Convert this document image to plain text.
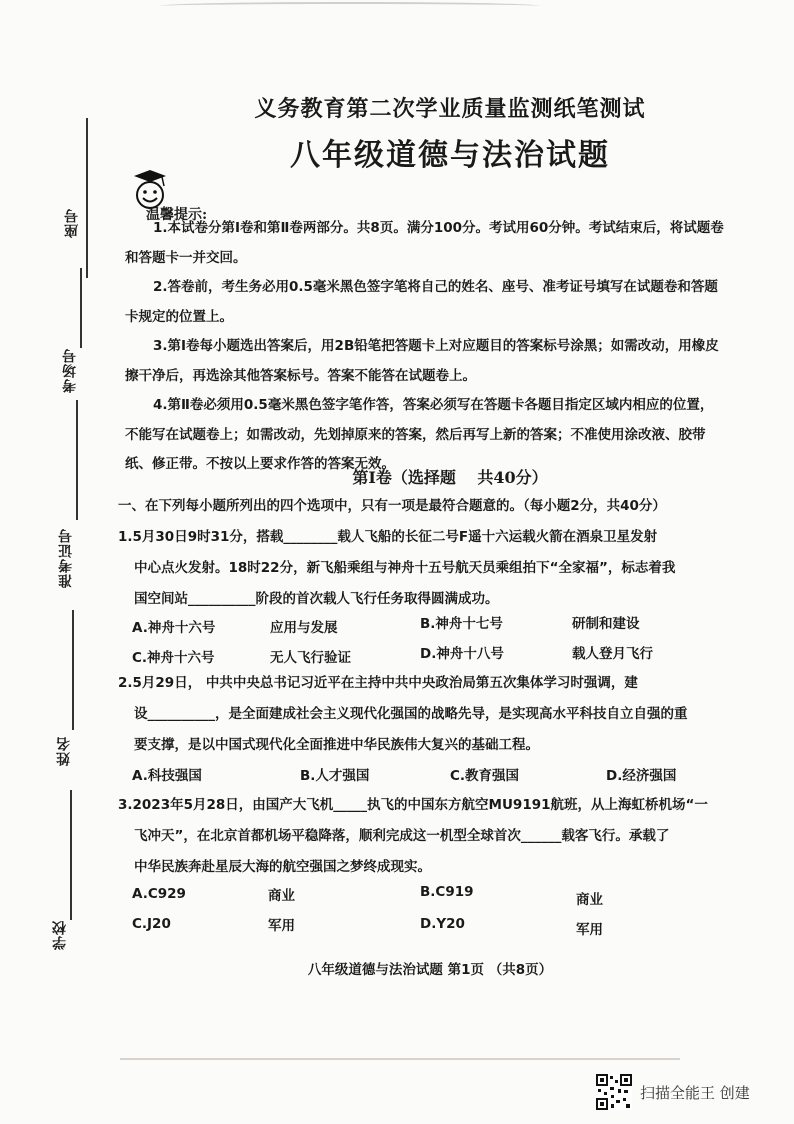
座号
考场号
准考证号
姓名
学校
义务教育第二次学业质量监测纸笔测试
八年级道德与法治试题
温馨提示:

1.本试卷分第Ⅰ卷和第Ⅱ卷两部分。共8页。满分100分。考试用60分钟。考试结束后，将试题卷和答题卡一并交回。

2.答卷前，考生务必用0.5毫米黑色签字笔将自己的姓名、座号、准考证号填写在试题卷和答题卡规定的位置上。

3.第Ⅰ卷每小题选出答案后，用2B铅笔把答题卡上对应题目的答案标号涂黑；如需改动，用橡皮擦干净后，再选涂其他答案标号。答案不能答在试题卷上。

4.第Ⅱ卷必须用0.5毫米黑色签字笔作答，答案必须写在答题卡各题目指定区域内相应的位置，不能写在试题卷上；如需改动，先划掉原来的答案，然后再写上新的答案；不准使用涂改液、胶带纸、修正带。不按以上要求作答的答案无效。

第Ⅰ卷（选择题　 共40分）
一、在下列每小题所列出的四个选项中，只有一项是最符合题意的。（每小题2分，共40分）

1.5月30日9时31分，搭载________载人飞船的长征二号F遥十六运载火箭在酒泉卫星发射

中心点火发射。18时22分，新飞船乘组与神舟十五号航天员乘组拍下“全家福”，标志着我

国空间站__________阶段的首次载人飞行任务取得圆满成功。

A.神舟十六号	应用与发展	B.神舟十七号	研制和建设
C.神舟十六号	无人飞行验证	D.神舟十八号	载人登月飞行

2.5月29日， 中共中央总书记习近平在主持中共中央政治局第五次集体学习时强调，建

设__________，是全面建成社会主义现代化强国的战略先导，是实现高水平科技自立自强的重

要支撑，是以中国式现代化全面推进中华民族伟大复兴的基础工程。

A.科技强国	B.人才强国	C.教育强国	D.经济强国

3.2023年5月28日，由国产大飞机_____执飞的中国东方航空MU9191航班，从上海虹桥机场“一

飞冲天”，在北京首都机场平稳降落，顺利完成这一机型全球首次______载客飞行。承载了

中华民族奔赴星辰大海的航空强国之梦终成现实。

A.C929	商业	B.C919	商业
C.J20	军用	D.Y20	军用
八年级道德与法治试题 第1页 （共8页）
扫描全能王 创建
